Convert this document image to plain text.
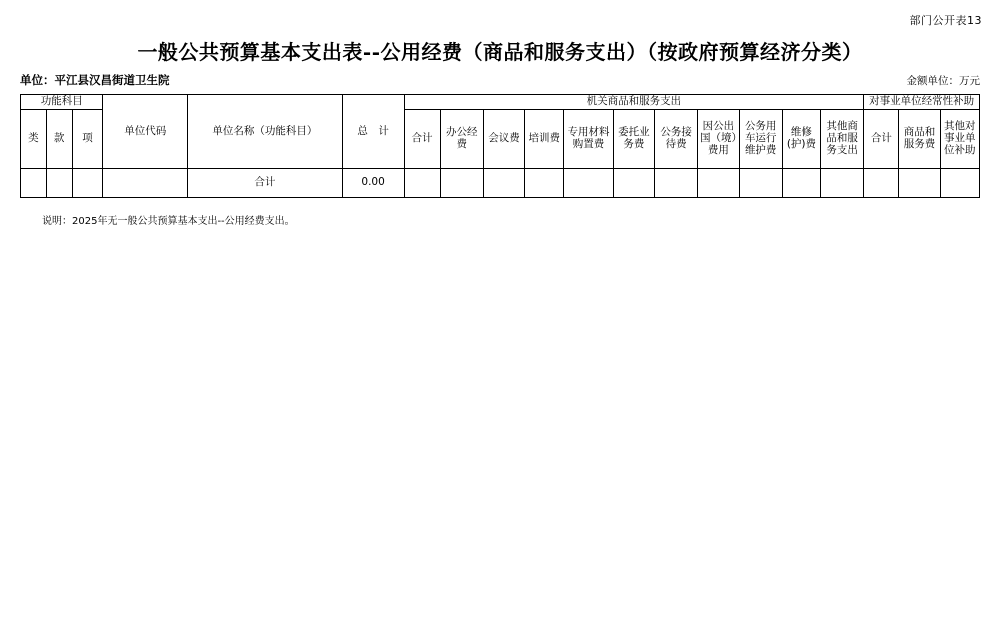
部门公开表13
一般公共预算基本支出表--公用经费（商品和服务支出）（按政府预算经济分类）
单位：平江县汉昌街道卫生院	金额单位：万元
功能科目			单位代码	单位名称（功能科目）	总　计	机关商品和服务支出											对事业单位经常性补助		
类	款	项				合计	办公经费	会议费	培训费	专用材料购置费	委托业务费	公务接待费	因公出国（境）费用	公务用车运行维护费	维修(护)费	其他商品和服务支出	合计	商品和服务费	其他对事业单位补助
				合计	0.00														
说明：2025年无一般公共预算基本支出--公用经费支出。
